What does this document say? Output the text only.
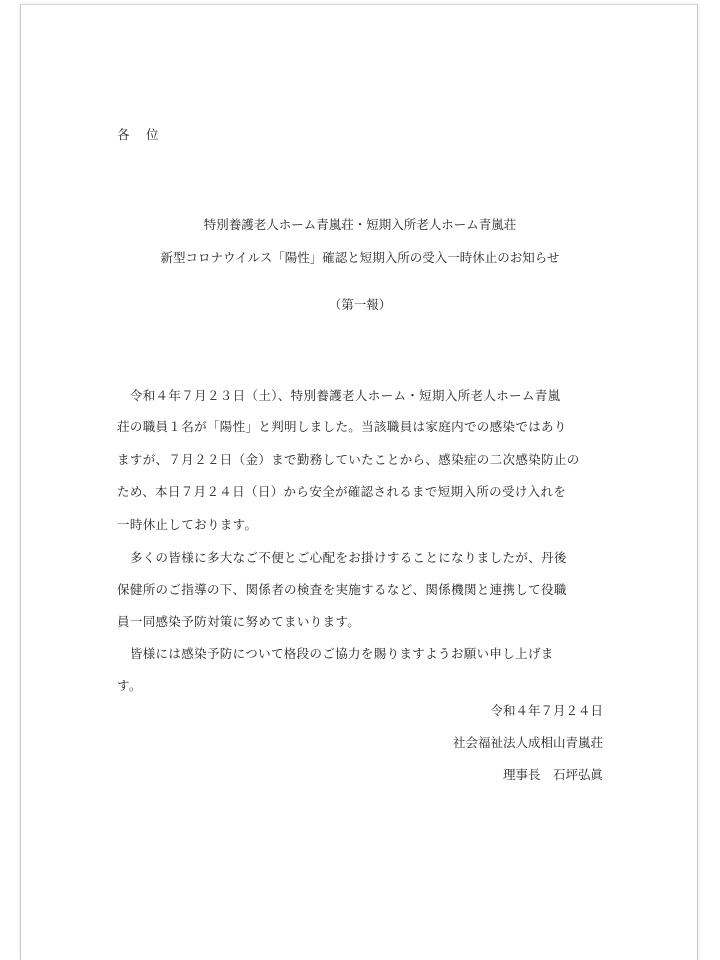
各　位
特別養護老人ホーム青嵐荘・短期入所老人ホーム青嵐荘
新型コロナウイルス「陽性」確認と短期入所の受入一時休止のお知らせ
（第一報）
　令和４年７月２３日（土）、特別養護老人ホーム・短期入所老人ホーム青嵐
荘の職員１名が「陽性」と判明しました。当該職員は家庭内での感染ではあり
ますが、７月２２日（金）まで勤務していたことから、感染症の二次感染防止の
ため、本日７月２４日（日）から安全が確認されるまで短期入所の受け入れを
一時休止しております。
　多くの皆様に多大なご不便とご心配をお掛けすることになりましたが、丹後
保健所のご指導の下、関係者の検査を実施するなど、関係機関と連携して役職
員一同感染予防対策に努めてまいります。
　皆様には感染予防について格段のご協力を賜りますようお願い申し上げま
す。
令和４年７月２４日
社会福祉法人成相山青嵐荘
理事長　石坪弘眞
